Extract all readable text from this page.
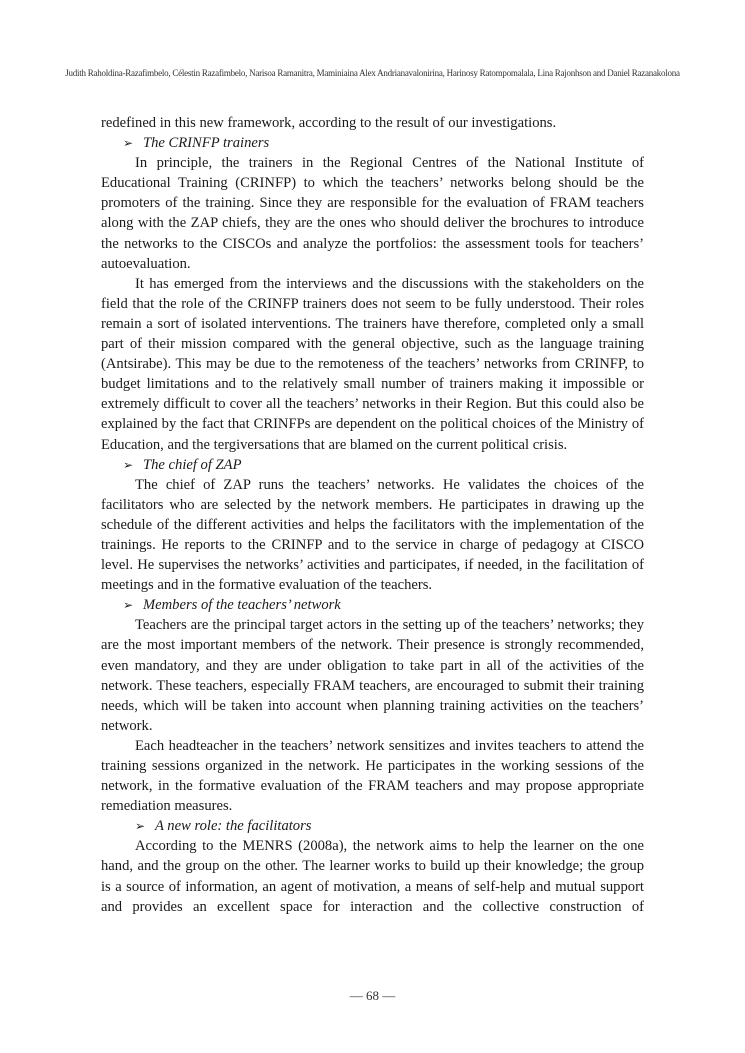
Judith Raholdina-Razafimbelo, Célestin Razafimbelo, Narisoa Ramanitra, Maminiaina Alex Andrianavalonirina, Harinosy Ratompomalala, Lina Rajonhson and Daniel Razanakolona

redefined in this new framework, according to the result of our investigations.

➢ The CRINFP trainers

In principle, the trainers in the Regional Centres of the National Institute of Educational Training (CRINFP) to which the teachers’ networks belong should be the promoters of the training. Since they are responsible for the evaluation of FRAM teachers along with the ZAP chiefs, they are the ones who should deliver the brochures to introduce the networks to the CISCOs and analyze the portfolios: the assessment tools for teachers’ autoevaluation.

It has emerged from the interviews and the discussions with the stakeholders on the field that the role of the CRINFP trainers does not seem to be fully understood. Their roles remain a sort of isolated interventions. The trainers have therefore, completed only a small part of their mission compared with the general objective, such as the language training (Antsirabe). This may be due to the remoteness of the teachers’ networks from CRINFP, to budget limitations and to the relatively small number of trainers making it impossible or extremely difficult to cover all the teachers’ networks in their Region. But this could also be explained by the fact that CRINFPs are dependent on the political choices of the Ministry of Education, and the tergiversations that are blamed on the current political crisis.

➢ The chief of ZAP

The chief of ZAP runs the teachers’ networks. He validates the choices of the facilitators who are selected by the network members. He participates in drawing up the schedule of the different activities and helps the facilitators with the implementation of the trainings. He reports to the CRINFP and to the service in charge of pedagogy at CISCO level. He supervises the networks’ activities and participates, if needed, in the facilitation of meetings and in the formative evaluation of the teachers.

➢ Members of the teachers’ network

Teachers are the principal target actors in the setting up of the teachers’ networks; they are the most important members of the network. Their presence is strongly recommended, even mandatory, and they are under obligation to take part in all of the activities of the network. These teachers, especially FRAM teachers, are encouraged to submit their training needs, which will be taken into account when planning training activities on the teachers’ network.

Each headteacher in the teachers’ network sensitizes and invites teachers to attend the training sessions organized in the network. He participates in the working sessions of the network, in the formative evaluation of the FRAM teachers and may propose appropriate remediation measures.

➢ A new role: the facilitators

According to the MENRS (2008a), the network aims to help the learner on the one hand, and the group on the other. The learner works to build up their knowledge; the group is a source of information, an agent of motivation, a means of self-help and mutual support and provides an excellent space for interaction and the collective construction of

— 68 —
